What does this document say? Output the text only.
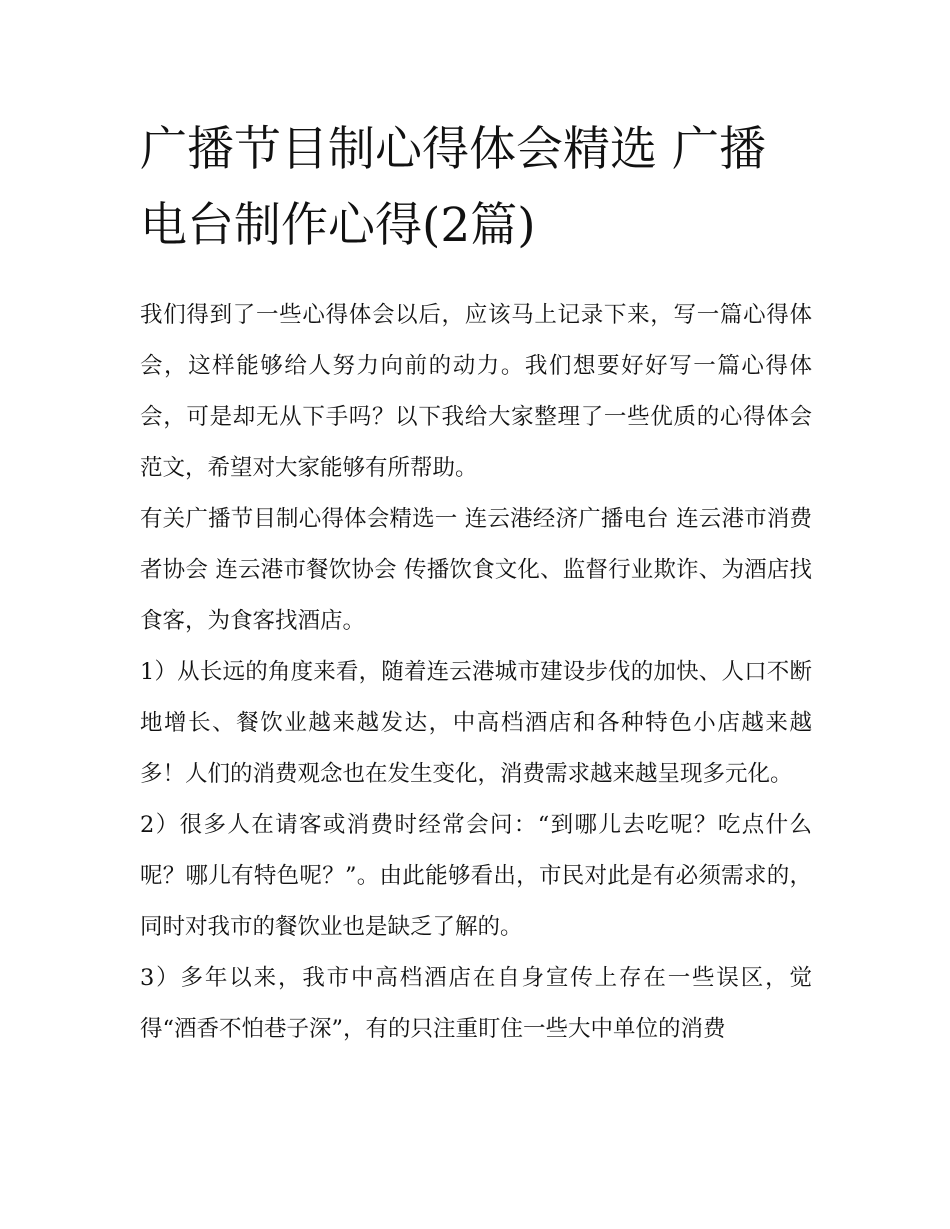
广播节目制心得体会精选 广播电台制作心得(2篇)

我们得到了一些心得体会以后，应该马上记录下来，写一篇心得体会，这样能够给人努力向前的动力。我们想要好好写一篇心得体会，可是却无从下手吗？以下我给大家整理了一些优质的心得体会范文，希望对大家能够有所帮助。

有关广播节目制心得体会精选一 连云港经济广播电台 连云港市消费者协会 连云港市餐饮协会 传播饮食文化、监督行业欺诈、为酒店找食客，为食客找酒店。

1）从长远的角度来看，随着连云港城市建设步伐的加快、人口不断地增长、餐饮业越来越发达，中高档酒店和各种特色小店越来越多！人们的消费观念也在发生变化，消费需求越来越呈现多元化。

2）很多人在请客或消费时经常会问：“到哪儿去吃呢？吃点什么呢？哪儿有特色呢？”。由此能够看出，市民对此是有必须需求的，同时对我市的餐饮业也是缺乏了解的。

3）多年以来，我市中高档酒店在自身宣传上存在一些误区，觉得“酒香不怕巷子深”，有的只注重盯住一些大中单位的消费
